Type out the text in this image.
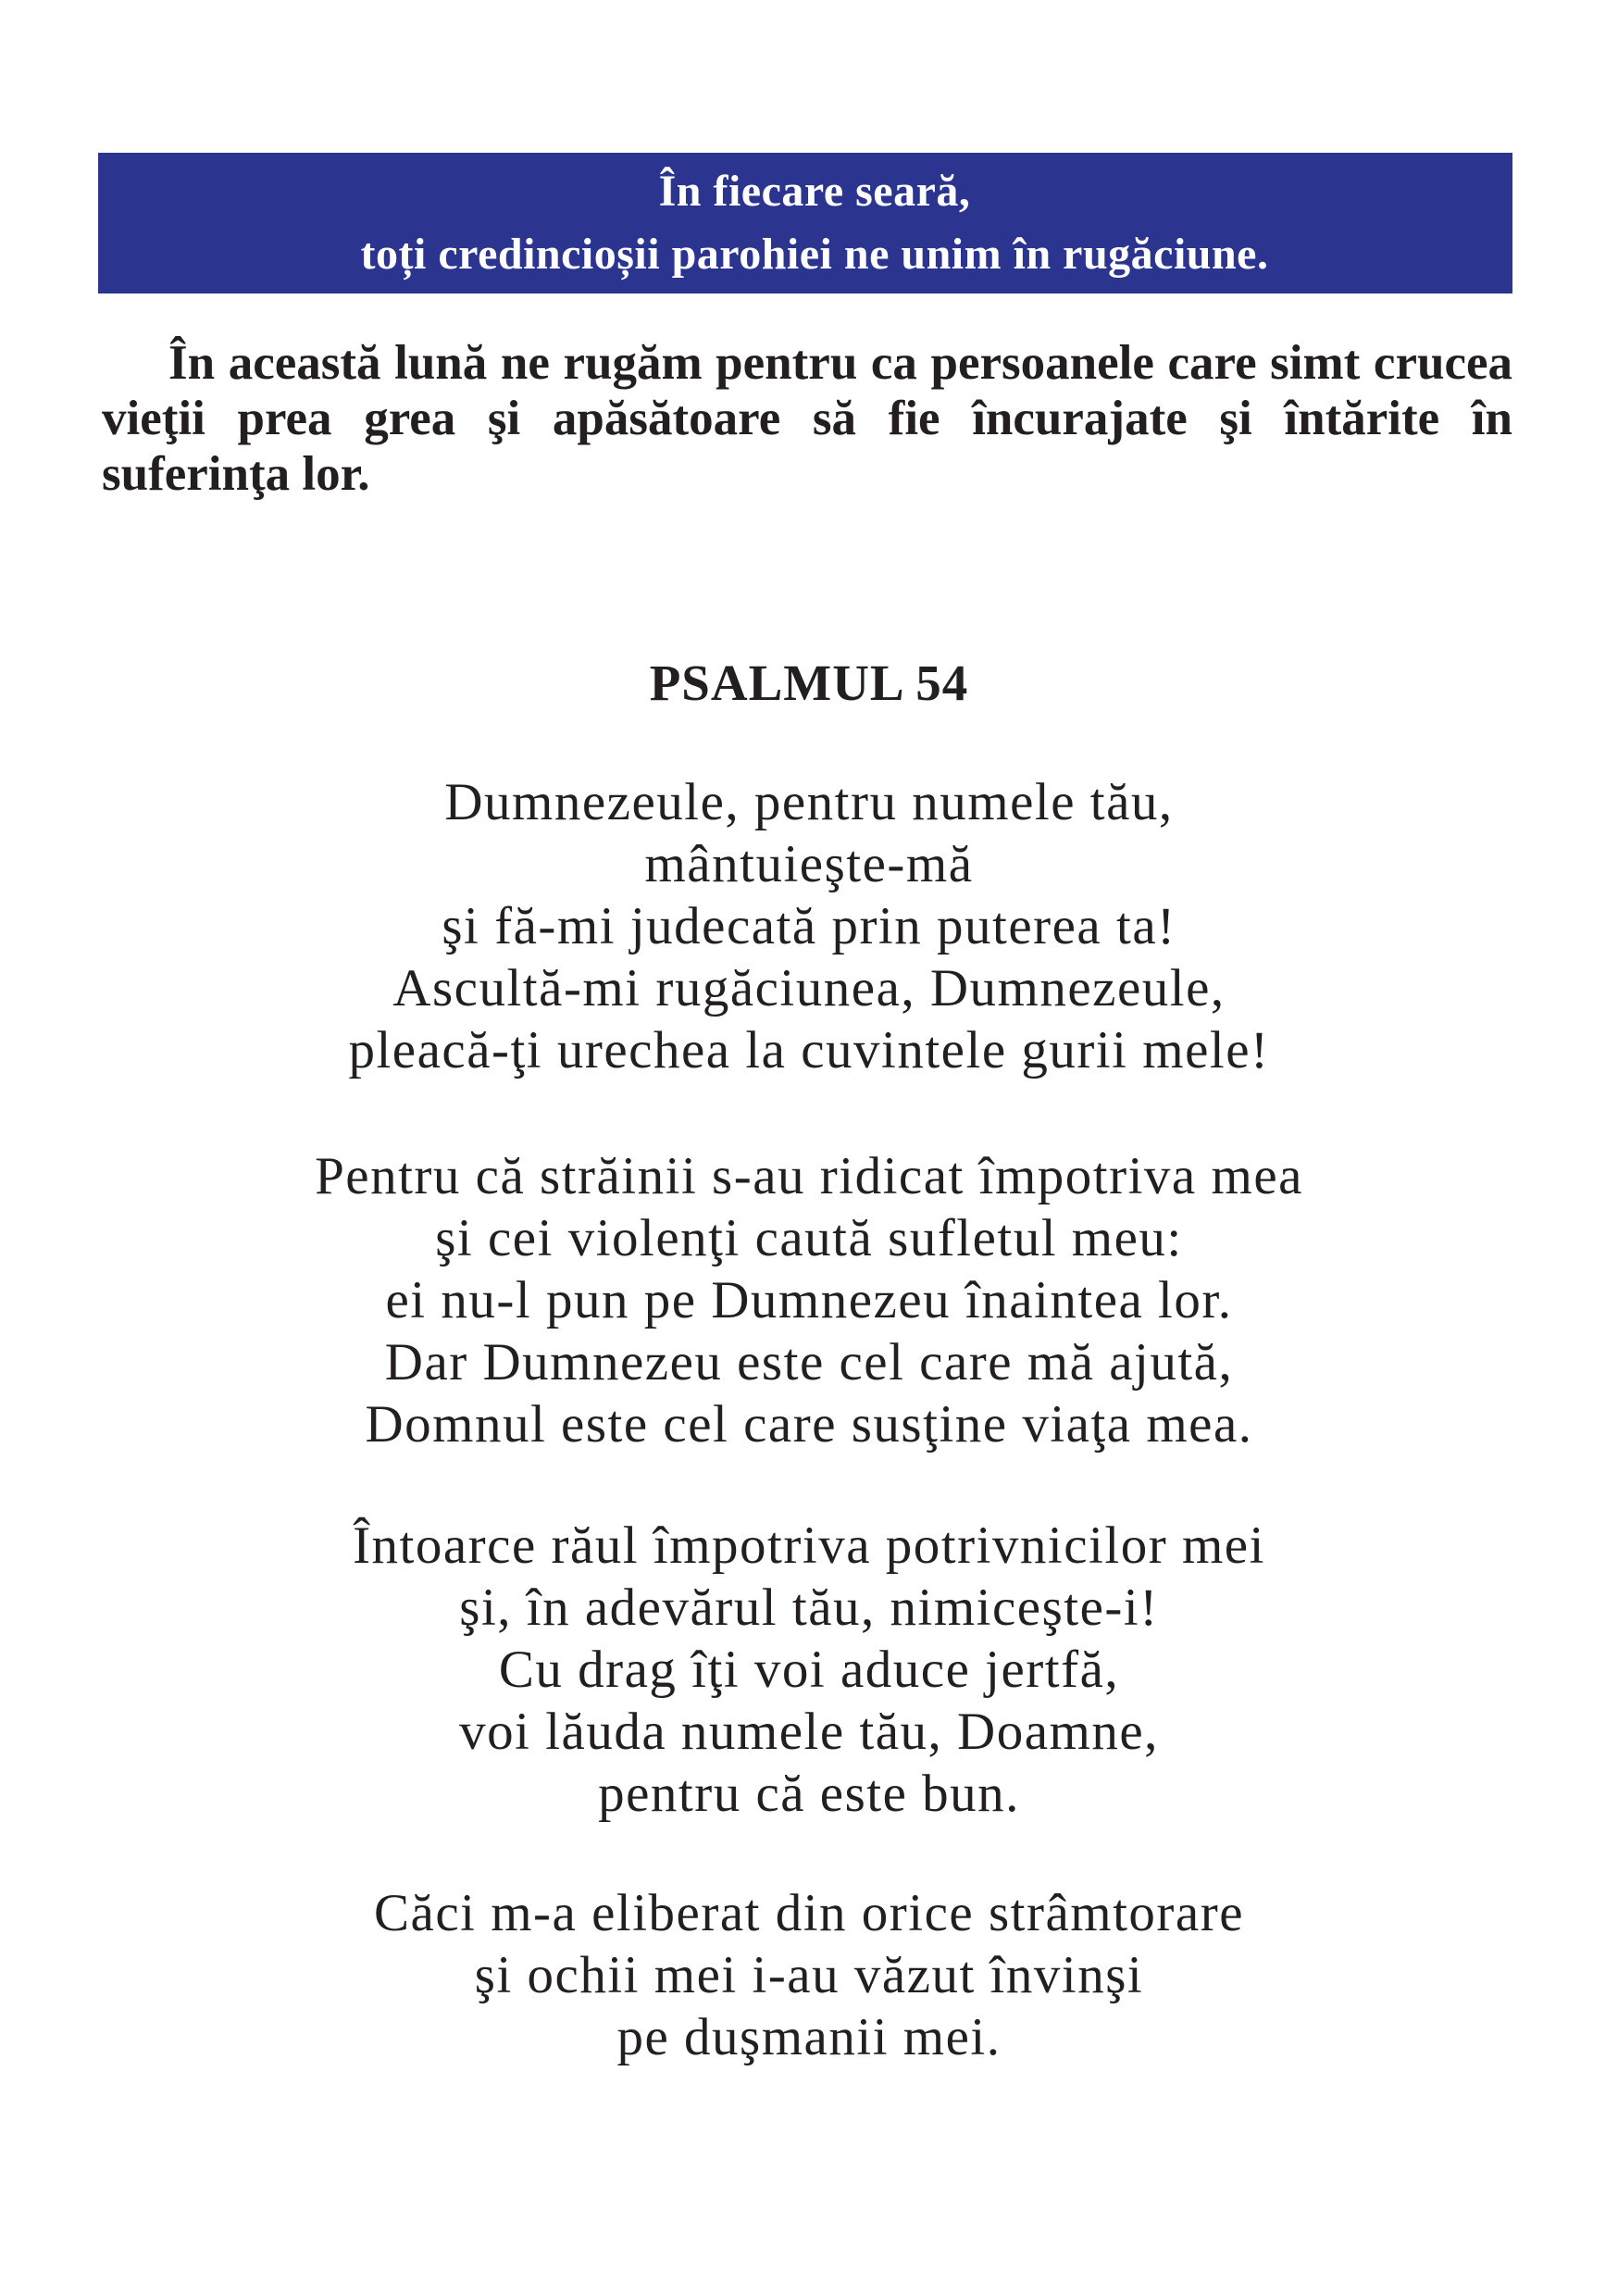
În fiecare seară,
toți credincioșii parohiei ne unim în rugăciune.

În această lună ne rugăm pentru ca persoanele care simt crucea vieţii prea grea şi apăsătoare să fie încurajate şi întărite în suferinţa lor.

PSALMUL 54
Dumnezeule, pentru numele tău,
mântuieşte-mă
şi fă-mi judecată prin puterea ta!
Ascultă-mi rugăciunea, Dumnezeule,
pleacă-ţi urechea la cuvintele gurii mele!
Pentru că străinii s-au ridicat împotriva mea
şi cei violenţi caută sufletul meu:
ei nu-l pun pe Dumnezeu înaintea lor.
Dar Dumnezeu este cel care mă ajută,
Domnul este cel care susţine viaţa mea.
Întoarce răul împotriva potrivnicilor mei
şi, în adevărul tău, nimiceşte-i!
Cu drag îţi voi aduce jertfă,
voi lăuda numele tău, Doamne,
pentru că este bun.
Căci m-a eliberat din orice strâmtorare
şi ochii mei i-au văzut învinşi
pe duşmanii mei.
